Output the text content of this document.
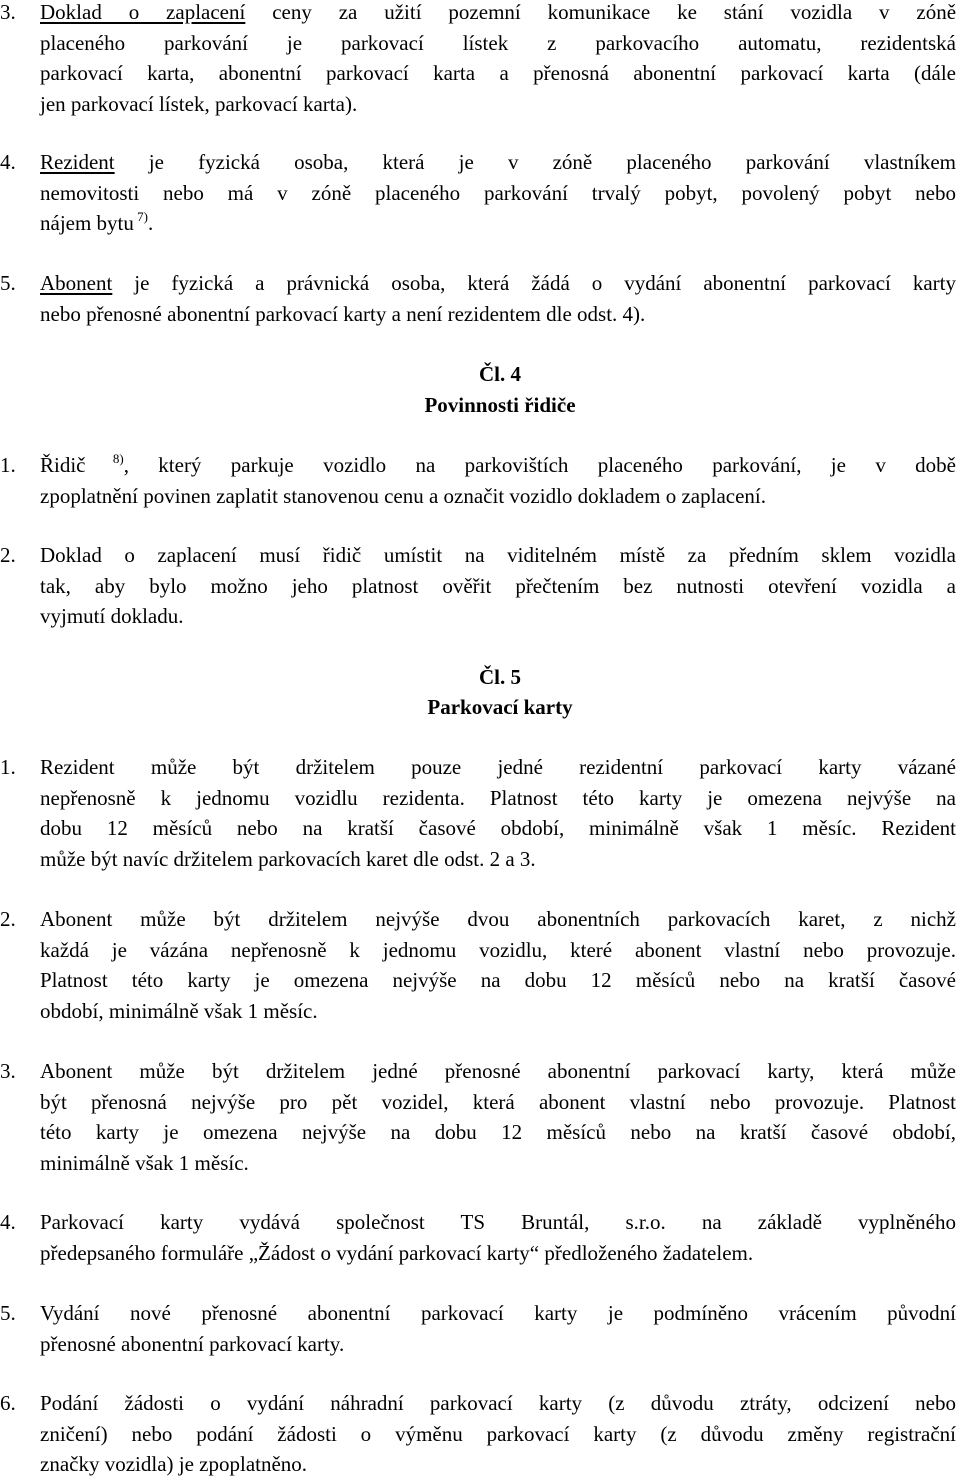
3. Doklad o zaplacení ceny za užití pozemní komunikace ke stání vozidla v zóně
placeného parkování je parkovací lístek z parkovacího automatu, rezidentská
parkovací karta, abonentní parkovací karta a přenosná abonentní parkovací karta (dále
jen parkovací lístek, parkovací karta).
4. Rezident je fyzická osoba, která je v zóně placeného parkování vlastníkem
nemovitosti nebo má v zóně placeného parkování trvalý pobyt, povolený pobyt nebo
nájem bytu $^{7)}$.
5. Abonent je fyzická a právnická osoba, která žádá o vydání abonentní parkovací karty
nebo přenosné abonentní parkovací karty a není rezidentem dle odst. 4).
Čl. 4
Povinnosti řidiče
1. Řidič $^{8)}$, který parkuje vozidlo na parkovištích placeného parkování, je v době
zpoplatnění povinen zaplatit stanovenou cenu a označit vozidlo dokladem o zaplacení.
2. Doklad o zaplacení musí řidič umístit na viditelném místě za předním sklem vozidla
tak, aby bylo možno jeho platnost ověřit přečtením bez nutnosti otevření vozidla a
vyjmutí dokladu.
Čl. 5
Parkovací karty
1. Rezident může být držitelem pouze jedné rezidentní parkovací karty vázané
nepřenosně k jednomu vozidlu rezidenta. Platnost této karty je omezena nejvýše na
dobu 12 měsíců nebo na kratší časové období, minimálně však 1 měsíc. Rezident
může být navíc držitelem parkovacích karet dle odst. 2 a 3.
2. Abonent může být držitelem nejvýše dvou abonentních parkovacích karet, z nichž
každá je vázána nepřenosně k jednomu vozidlu, které abonent vlastní nebo provozuje.
Platnost této karty je omezena nejvýše na dobu 12 měsíců nebo na kratší časové
období, minimálně však 1 měsíc.
3. Abonent může být držitelem jedné přenosné abonentní parkovací karty, která může
být přenosná nejvýše pro pět vozidel, která abonent vlastní nebo provozuje. Platnost
této karty je omezena nejvýše na dobu 12 měsíců nebo na kratší časové období,
minimálně však 1 měsíc.
4. Parkovací karty vydává společnost TS Bruntál, s.r.o. na základě vyplněného
předepsaného formuláře „Žádost o vydání parkovací karty“ předloženého žadatelem.
5. Vydání nové přenosné abonentní parkovací karty je podmíněno vrácením původní
přenosné abonentní parkovací karty.
6. Podání žádosti o vydání náhradní parkovací karty (z důvodu ztráty, odcizení nebo
zničení) nebo podání žádosti o výměnu parkovací karty (z důvodu změny registrační
značky vozidla) je zpoplatněno.
